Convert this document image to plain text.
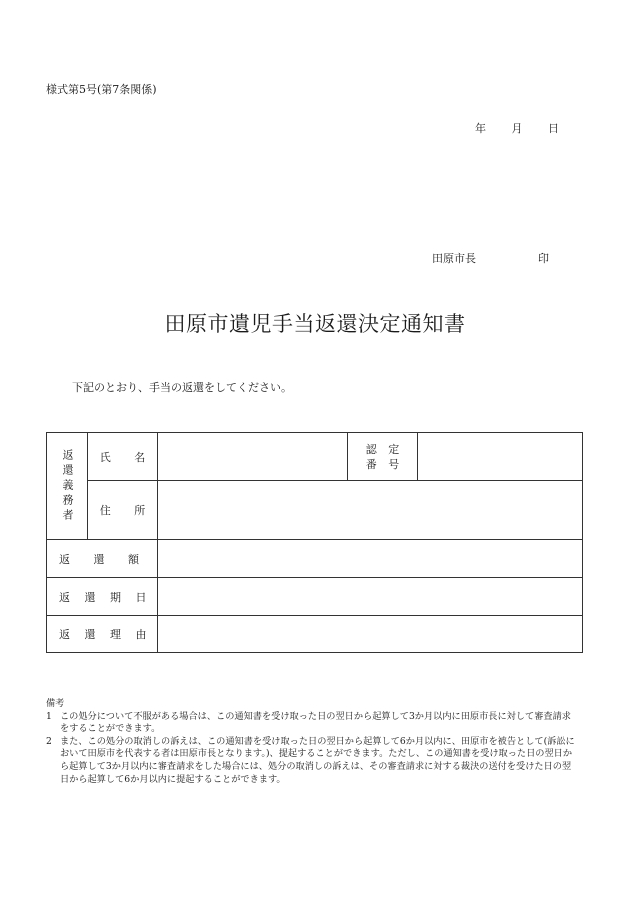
様式第5号(第7条関係)
年 月 日
田原市長	印
田原市遺児手当返還決定通知書
下記のとおり、手当の返還をしてください。
返還義務者 氏 名
認 定
番 号
住 所
返 還 額
返 還 期 日
返 還 理 由
備考
1 この処分について不服がある場合は、この通知書を受け取った日の翌日から起算して3か月以内に田原市長に対して審査請求をすることができます。
2 また、この処分の取消しの訴えは、この通知書を受け取った日の翌日から起算して6か月以内に、田原市を被告として(訴訟において田原市を代表する者は田原市長となります。)、提起することができます。ただし、この通知書を受け取った日の翌日から起算して3か月以内に審査請求をした場合には、処分の取消しの訴えは、その審査請求に対する裁決の送付を受けた日の翌日から起算して6か月以内に提起することができます。
